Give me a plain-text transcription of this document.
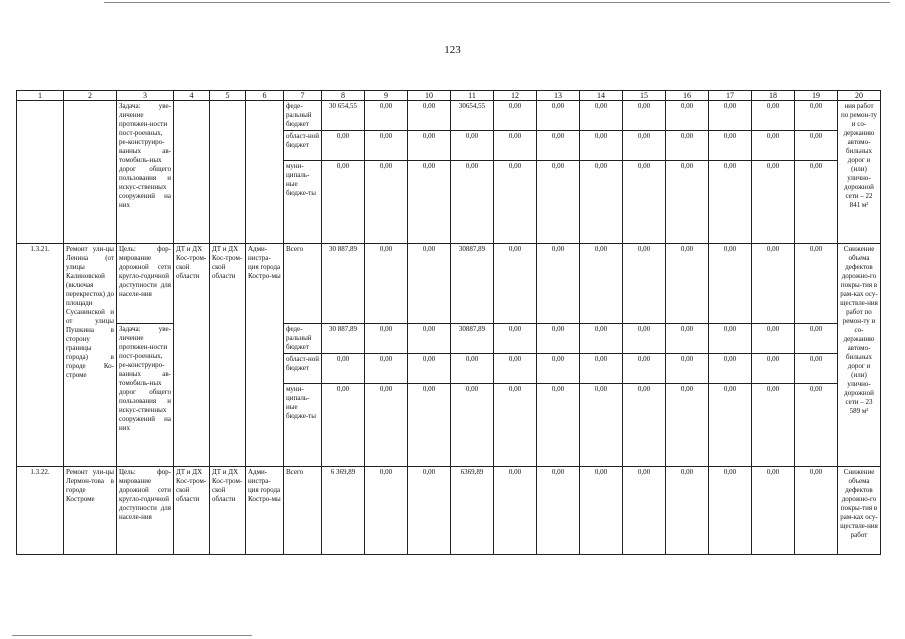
123
1	2	3	4	5	6	7	8	9	10	11	12	13	14	15	16	17	18	19	20
		Задача: уве-личение протяжен-ности пост-роенных, ре-конструиро-ванных ав-томобиль-ных дорог общего пользования и искус-ственных сооружений на них				феде-ральный бюджет	30 654,55	0,00	0,00	30654,55	0,00	0,00	0,00	0,00	0,00	0,00	0,00	0,00	ния работ по ремон-ту и со-держанию автомо-бильных дорог и (или) улично-дорожной сети – 22 841 м²
						област-ной бюджет	0,00	0,00	0,00	0,00	0,00	0,00	0,00	0,00	0,00	0,00	0,00	0,00	
						муни-ципаль-ные бюдже-ты	0,00	0,00	0,00	0,00	0,00	0,00	0,00	0,00	0,00	0,00	0,00	0,00	
1.3.21.	Ремонт ули-цы Ленина (от улицы Калиновской (включая перекресток) до площади Сусанинской и от улицы Пушкина в сторону границы города) в городе Ко-строме	Цель: фор-мирование дорожной сети кругло-годичной доступности для населе-ния	ДТ и ДХ Кос-тром-ской области	ДТ и ДХ Кос-тром-ской области	Адми-нистра-ция города Костро-мы	Всего	30 887,89	0,00	0,00	30887,89	0,00	0,00	0,00	0,00	0,00	0,00	0,00	0,00	Снижение объема дефектов дорожно-го покры-тия в рам-ках осу-ществле-ния работ по ремон-ту и со-держанию автомо-бильных дорог и (или) улично-дорожной сети – 23 589 м²
		Задача: уве-личение протяжен-ности пост-роенных, ре-конструиро-ванных ав-томобиль-ных дорог общего пользования и искус-ственных сооружений на них				феде-ральный бюджет	30 887,89	0,00	0,00	30887,89	0,00	0,00	0,00	0,00	0,00	0,00	0,00	0,00	
						област-ной бюджет	0,00	0,00	0,00	0,00	0,00	0,00	0,00	0,00	0,00	0,00	0,00	0,00	
						муни-ципаль-ные бюдже-ты	0,00	0,00	0,00	0,00	0,00	0,00	0,00	0,00	0,00	0,00	0,00	0,00	
1.3.22.	Ремонт ули-цы Лермон-това в городе Костроме	Цель: фор-мирование дорожной сети кругло-годичной доступности для населе-ния	ДТ и ДХ Кос-тром-ской области	ДТ и ДХ Кос-тром-ской области	Адми-нистра-ция города Костро-мы	Всего	6 369,89	0,00	0,00	6369,89	0,00	0,00	0,00	0,00	0,00	0,00	0,00	0,00	Снижение объема дефектов дорожно-го покры-тия в рам-ках осу-ществле-ния работ
